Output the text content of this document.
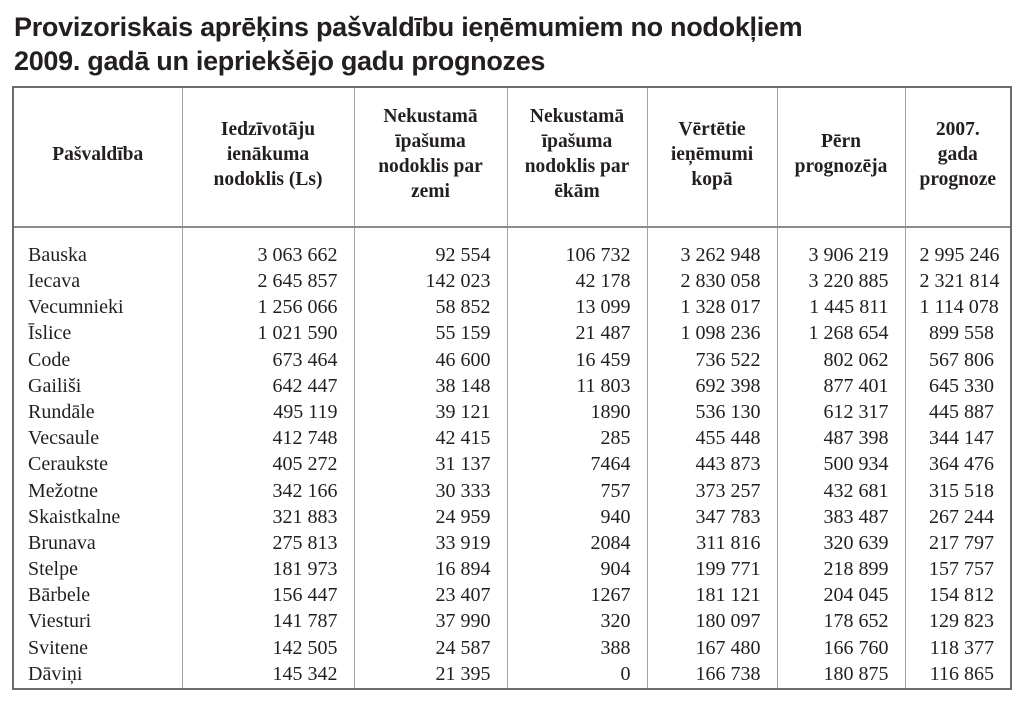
Provizoriskais aprēķins pašvaldību ieņēmumiem no nodokļiem
2009. gadā un iepriekšējo gadu prognozes
Pašvaldība	Iedzīvotāju ienākuma nodoklis (Ls)	Nekustamā īpašuma nodoklis par zemi	Nekustamā īpašuma nodoklis par ēkām	Vērtētie ieņēmumi kopā	Pērn prognozēja	2007. gada prognoze

Bauska	3 063 662	92 554	106 732	3 262 948	3 906 219	2 995 246
Iecava	2 645 857	142 023	42 178	2 830 058	3 220 885	2 321 814
Vecumnieki	1 256 066	58 852	13 099	1 328 017	1 445 811	1 114 078
Īslice	1 021 590	55 159	21 487	1 098 236	1 268 654	899 558
Code	673 464	46 600	16 459	736 522	802 062	567 806
Gailiši	642 447	38 148	11 803	692 398	877 401	645 330
Rundāle	495 119	39 121	1890	536 130	612 317	445 887
Vecsaule	412 748	42 415	285	455 448	487 398	344 147
Ceraukste	405 272	31 137	7464	443 873	500 934	364 476
Mežotne	342 166	30 333	757	373 257	432 681	315 518
Skaistkalne	321 883	24 959	940	347 783	383 487	267 244
Brunava	275 813	33 919	2084	311 816	320 639	217 797
Stelpe	181 973	16 894	904	199 771	218 899	157 757
Bārbele	156 447	23 407	1267	181 121	204 045	154 812
Viesturi	141 787	37 990	320	180 097	178 652	129 823
Svitene	142 505	24 587	388	167 480	166 760	118 377
Dāviņi	145 342	21 395	0	166 738	180 875	116 865
